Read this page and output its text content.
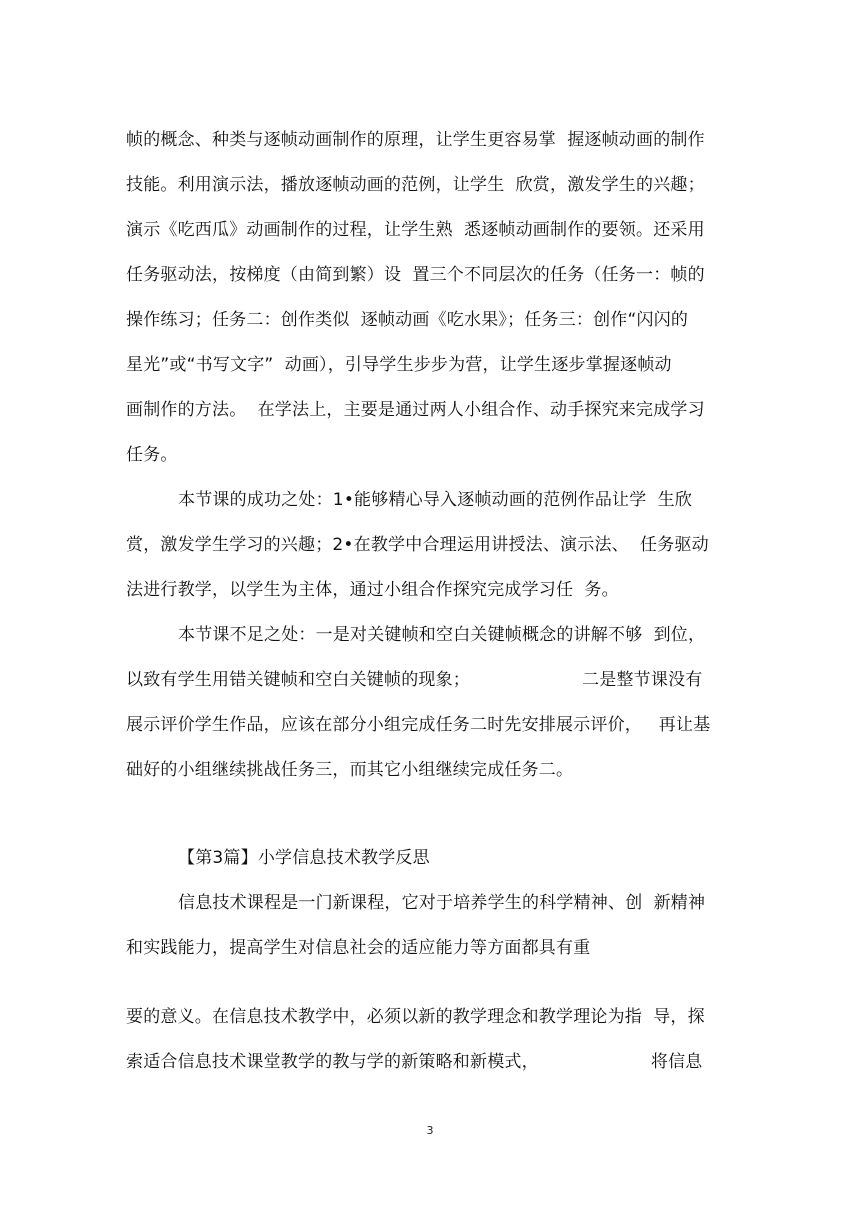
帧的概念、种类与逐帧动画制作的原理，让学生更容易掌  握逐帧动画的制作
技能。利用演示法，播放逐帧动画的范例，让学生  欣赏，激发学生的兴趣；
演示《吃西瓜》动画制作的过程，让学生熟  悉逐帧动画制作的要领。还采用
任务驱动法，按梯度（由简到繁）设  置三个不同层次的任务（任务一：帧的
操作练习；任务二：创作类似  逐帧动画《吃水果》；任务三：创作“闪闪的
星光”或“书写文字”  动画），引导学生步步为营，让学生逐步掌握逐帧动
画制作的方法。  在学法上，主要是通过两人小组合作、动手探究来完成学习
任务。
本节课的成功之处：1•能够精心导入逐帧动画的范例作品让学  生欣
赏，激发学生学习的兴趣；2•在教学中合理运用讲授法、演示法、  任务驱动
法进行教学，以学生为主体，通过小组合作探究完成学习任  务。
本节课不足之处：一是对关键帧和空白关键帧概念的讲解不够  到位，
以致有学生用错关键帧和空白关键帧的现象；                    二是整节课没有
展示评价学生作品，应该在部分小组完成任务二时先安排展示评价，   再让基
础好的小组继续挑战任务三，而其它小组继续完成任务二。
【第3篇】小学信息技术教学反思
信息技术课程是一门新课程，它对于培养学生的科学精神、创  新精神
和实践能力，提高学生对信息社会的适应能力等方面都具有重
要的意义。在信息技术教学中，必须以新的教学理念和教学理论为指  导，探
索适合信息技术课堂教学的教与学的新策略和新模式，                    将信息
3
